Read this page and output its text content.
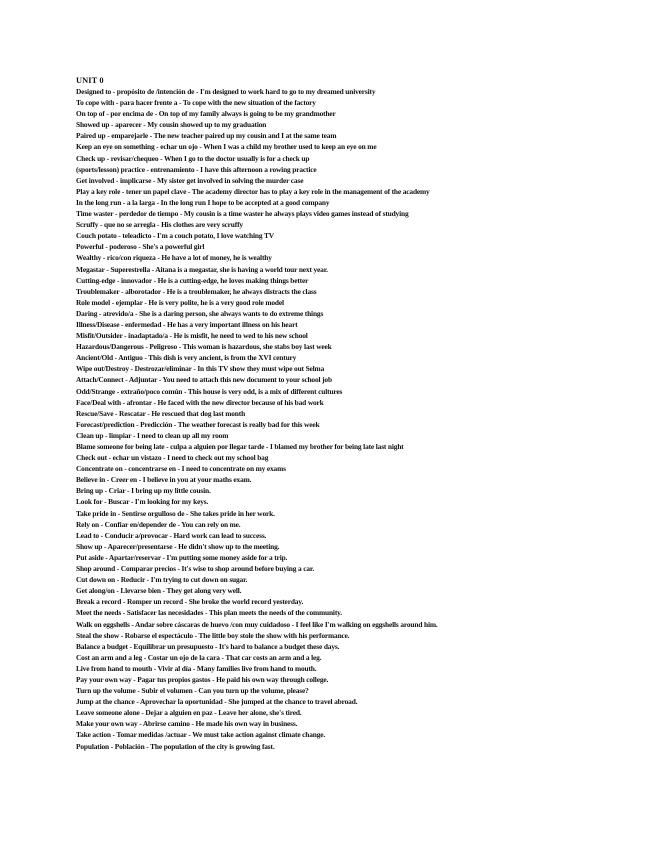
UNIT 0
Designed to - propósito de /intención de - I'm designed to work hard to go to my dreamed university
To cope with - para hacer frente a - To cope with the new situation of the factory
On top of - por encima de - On top of my family always is going to be my grandmother
Showed up - aparecer - My cousin showed up to my graduation
Paired up - emparejarle - The new teacher paired up my cousin and I at the same team
Keep an eye on something - echar un ojo - When I was a child my brother used to keep an eye on me
Check up - revisar/chequeo - When I go to the doctor usually is for a check up
(sports/lesson) practice - entrenamiento - I have this afternoon a rowing practice
Get involved - implicarse - My sister get involved in solving the murder case
Play a key role - tener un papel clave - The academy director has to play a key role in the management of the academy
In the long run - a la larga - In the long run I hope to be accepted at a good company
Time waster - perdedor de tiempo - My cousin is a time waster he always plays video games instead of studying
Scruffy - que no se arregla - His clothes are very scruffy
Couch potato - teleadicto - I'm a couch potato, I love watching TV
Powerful - poderoso - She's a powerful girl
Wealthy - rico/con riqueza - He have a lot of money, he is wealthy
Megastar - Superestrella - Aitana is a megastar, she is having a world tour next year.
Cutting-edge - innovador - He is a cutting-edge, he loves making things better
Troublemaker - alborotador - He is a troublemaker, he always distracts the class
Role model - ejemplar - He is very polite, he is a very good role model
Daring - atrevido/a - She is a daring person, she always wants to do extreme things
Illness/Disease - enfermedad - He has a very important illness on his heart
Misfit/Outsider - inadaptado/a - He is misfit, he need to wed to his new school
Hazardous/Dangerous - Peligroso - This woman is hazardous, she stabs boy last week
Ancient/Old - Antiguo - This dish is very ancient, is from the XVI century
Wipe out/Destroy - Destrozar/eliminar - In this TV show they must wipe out Selma
Attach/Connect - Adjuntar - You need to attach this new document to your school job
Odd/Strange - extraño/poco común - This house is very odd, is a mix of different cultures
Face/Deal with - afrontar - He faced with the new director because of his bad work
Rescue/Save - Rescatar - He rescued that dog last month
Forecast/prediction - Predicción - The weather forecast is really bad for this week
Clean up - limpiar - I need to clean up all my room
Blame someone for being late - culpa a alguien por llegar tarde - I blamed my brother for being late last night
Check out - echar un vistazo - I need to check out my school bag
Concentrate on - concentrarse en - I need to concentrate on my exams
Believe in - Creer en - I believe in you at your maths exam.
Bring up - Criar - I bring up my little cousin.
Look for - Buscar - I'm looking for my keys.
Take pride in - Sentirse orgulloso de - She takes pride in her work.
Rely on - Confiar en/depender de - You can rely on me.
Lead to - Conducir a/provocar - Hard work can lead to success.
Show up - Aparecer/presentarse - He didn't show up to the meeting.
Put aside - Apartar/reservar - I'm putting some money aside for a trip.
Shop around - Comparar precios - It's wise to shop around before buying a car.
Cut down on - Reducir - I'm trying to cut down on sugar.
Get along/on - Llevarse bien - They get along very well.
Break a record - Romper un record - She broke the world record yesterday.
Meet the needs - Satisfacer las necesidades - This plan meets the needs of the community.
Walk on eggshells - Andar sobre cáscaras de huevo /con muy cuidadoso - I feel like I'm walking on eggshells around him.
Steal the show - Robarse el espectáculo - The little boy stole the show with his performance.
Balance a budget - Equilibrar un presupuesto - It's hard to balance a budget these days.
Cost an arm and a leg - Costar un ojo de la cara - That car costs an arm and a leg.
Live from hand to mouth - Vivir al día - Many families live from hand to mouth.
Pay your own way - Pagar tus propios gastos - He paid his own way through college.
Turn up the volume - Subir el volumen - Can you turn up the volume, please?
Jump at the chance - Aprovechar la oportunidad - She jumped at the chance to travel abroad.
Leave someone alone - Dejar a alguien en paz - Leave her alone, she's tired.
Make your own way - Abrirse camino - He made his own way in business.
Take action - Tomar medidas /actuar - We must take action against climate change.
Population - Población - The population of the city is growing fast.
